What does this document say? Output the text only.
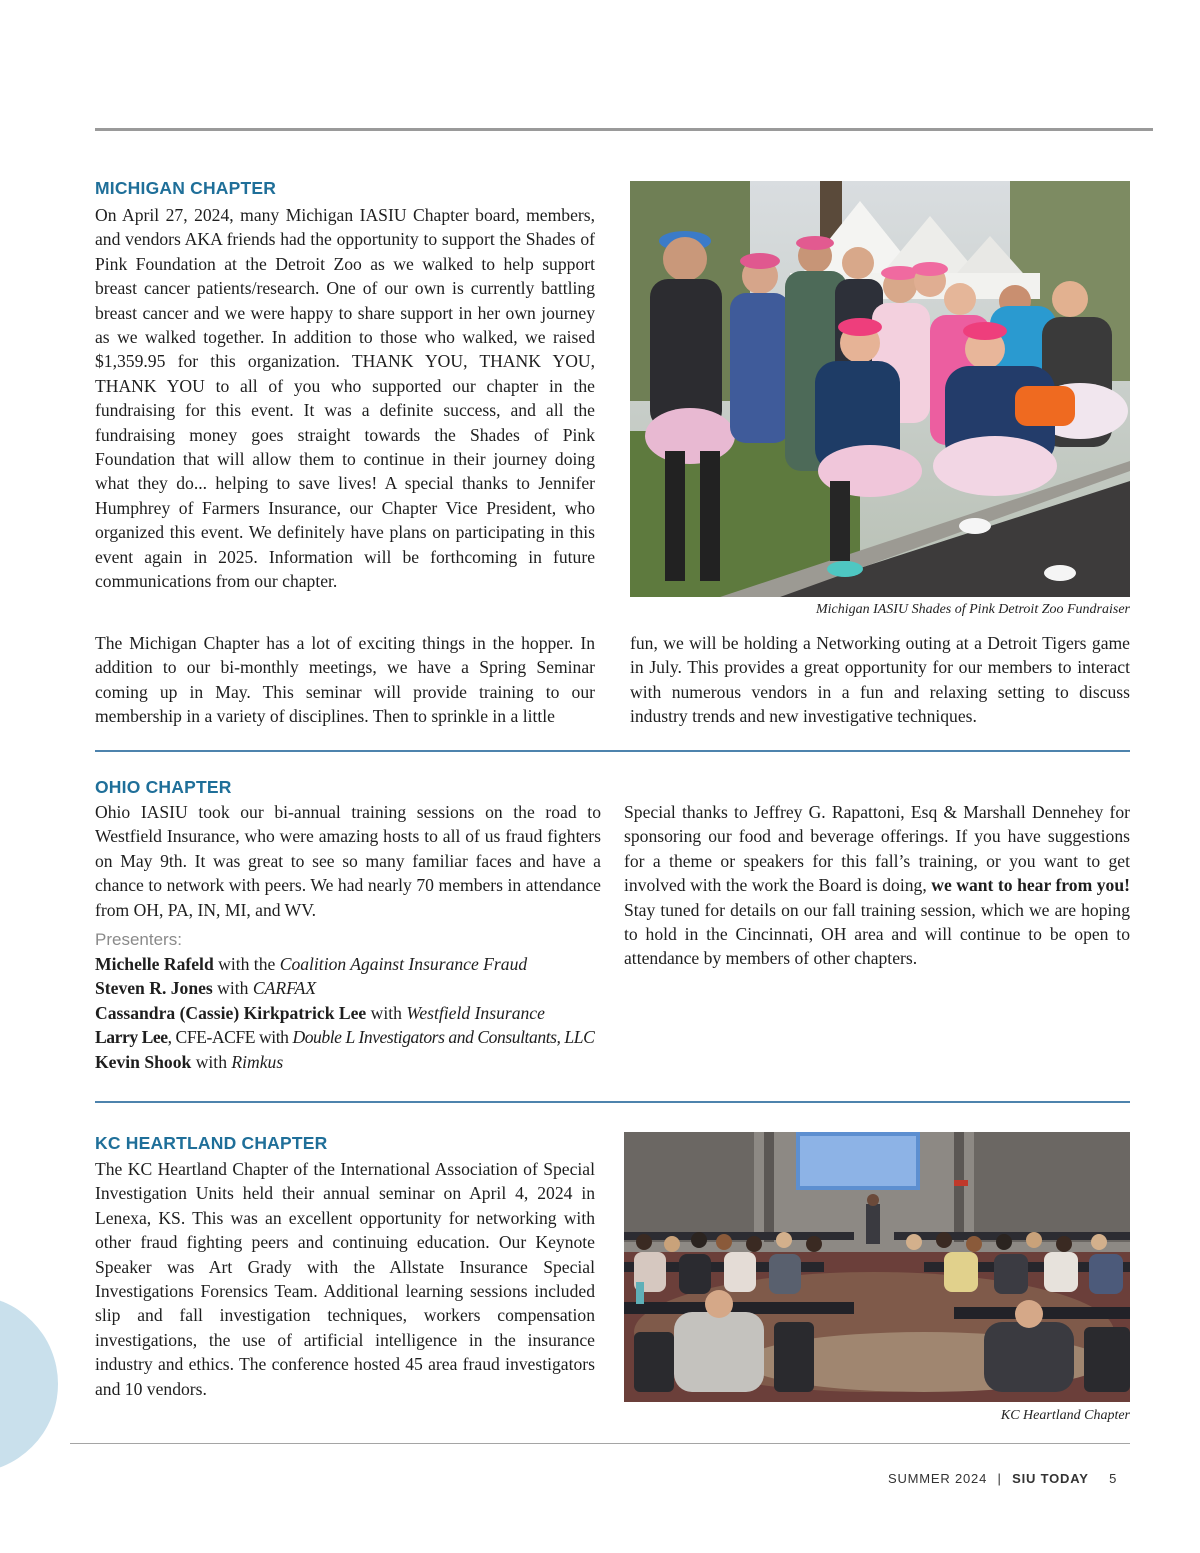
MICHIGAN CHAPTER

On April 27, 2024, many Michigan IASIU Chapter board, members, and vendors AKA friends had the opportunity to support the Shades of Pink Foundation at the Detroit Zoo as we walked to help support breast cancer patients/research. One of our own is currently battling breast cancer and we were happy to share support in her own journey as we walked together. In addition to those who walked, we raised $1,359.95 for this organization. THANK YOU, THANK YOU, THANK YOU to all of you who supported our chapter in the fundraising for this event. It was a definite success, and all the fundraising money goes straight towards the Shades of Pink Foundation that will allow them to continue in their journey doing what they do... helping to save lives! A special thanks to Jennifer Humphrey of Farmers Insurance, our Chapter Vice President, who organized this event. We definitely have plans on participating in this event again in 2025. Information will be forthcoming in future communications from our chapter.

Michigan IASIU Shades of Pink Detroit Zoo Fundraiser

The Michigan Chapter has a lot of exciting things in the hopper. In addition to our bi-monthly meetings, we have a Spring Seminar coming up in May. This seminar will provide training to our membership in a variety of disciplines. Then to sprinkle in a little

fun, we will be holding a Networking outing at a Detroit Tigers game in July. This provides a great opportunity for our members to interact with numerous vendors in a fun and relaxing setting to discuss industry trends and new investigative techniques.

OHIO CHAPTER

Ohio IASIU took our bi-annual training sessions on the road to Westfield Insurance, who were amazing hosts to all of us fraud fighters on May 9th. It was great to see so many familiar faces and have a chance to network with peers. We had nearly 70 members in attendance from OH, PA, IN, MI, and WV.

Presenters:
Michelle Rafeld with the Coalition Against Insurance Fraud
Steven R. Jones with CARFAX
Cassandra (Cassie) Kirkpatrick Lee with Westfield Insurance
Larry Lee, CFE-ACFE with Double L Investigators and Consultants, LLC
Kevin Shook with Rimkus

Special thanks to Jeffrey G. Rapattoni, Esq & Marshall Dennehey for sponsoring our food and beverage offerings. If you have suggestions for a theme or speakers for this fall’s training, or you want to get involved with the work the Board is doing, we want to hear from you! Stay tuned for details on our fall training session, which we are hoping to hold in the Cincinnati, OH area and will continue to be open to attendance by members of other chapters.

KC HEARTLAND CHAPTER

The KC Heartland Chapter of the International Association of Special Investigation Units held their annual seminar on April 4, 2024 in Lenexa, KS. This was an excellent opportunity for networking with other fraud fighting peers and continuing education. Our Keynote Speaker was Art Grady with the Allstate Insurance Special Investigations Forensics Team. Additional learning sessions included slip and fall investigation techniques, workers compensation investigations, the use of artificial intelligence in the insurance industry and ethics. The conference hosted 45 area fraud investigators and 10 vendors.

KC Heartland Chapter
SUMMER 2024 | SIU TODAY 5
